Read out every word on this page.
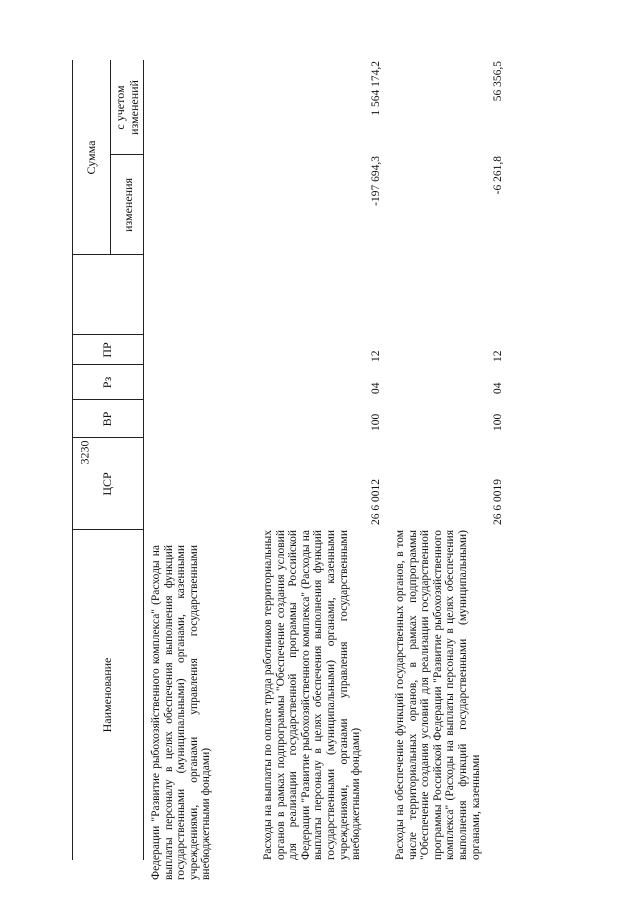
3230
Наименование
ЦСР
ВР
Рз
ПР
Сумма
изменения
с учетом изменений
Федерации "Развитие рыбохозяйственного комплекса" (Расходы на выплаты персоналу в целях обеспечения выполнения функций государственными (муниципальными) органами, казенными учреждениями, органами управления государственными внебюджетными фондами)	Расходы на выплаты по оплате труда работников территориальных органов в рамках подпрограммы "Обеспечение создания условий для реализации государственной программы Российской Федерации "Развитие рыбохозяйственного комплекса" (Расходы на выплаты персоналу в целях обеспечения выполнения функций государственными (муниципальными) органами, казенными учреждениями, органами управления государственными внебюджетными фондами)
26 6 0012
100
04
12
-197 694,3
1 564 174,2
Расходы на обеспечение функций государственных органов, в том числе территориальных органов, в рамках подпрограммы "Обеспечение создания условий для реализации государственной программы Российской Федерации "Развитие рыбохозяйственного комплекса" (Расходы на выплаты персоналу в целях обеспечения выполнения функций государственными (муниципальными) органами, казенными
26 6 0019
100
04
12
-6 261,8
56 356,5
